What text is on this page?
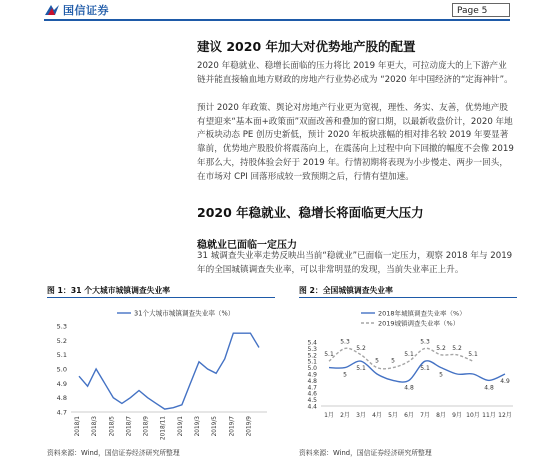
国信证券	Page 5
建议 2020 年加大对优势地产股的配置
2020 年稳就业、稳增长面临的压力将比 2019 年更大，可拉动庞大的上下游产业链并能直接输血地方财政的房地产行业势必成为 “2020 年中国经济的“定海神针”。
预计 2020 年政策、舆论对房地产行业更为宽视，理性、务实、友善，优势地产股有望迎来“基本面+政策面”双面改善和叠加的窗口期，以最新收盘价计，2020 年地产板块动态 PE 创历史新低，预计 2020 年板块涨幅的相对排名较 2019 年要显著靠前，优势地产股股价将震荡向上，在震荡向上过程中向下回撤的幅度不会像 2019 年那么大，持股体验会好于 2019 年。行情初期将表现为小步慢走、两步一回头，在市场对 CPI 回落形成较一致预期之后，行情有望加速。
2020 年稳就业、稳增长将面临更大压力
稳就业已面临一定压力
31 城调查失业率走势反映出当前“稳就业”已面临一定压力，观察 2018 年与 2019 年的全国城镇调查失业率，可以非常明显的发现，当前失业率正上升。
图 1：31 个大城市城镇调查失业率
4.7
4.8
4.9
5.0
5.1
5.2
5.3
2018/1 2018/3 2018/5 2018/7 2018/9 2018/11 2019/1 2019/3 2019/5 2019/7 2019/9
31个大城市城镇调查失业率（%）
资料来源：Wind，国信证券经济研究所整理
图 2：全国城镇调查失业率
4.4
4.5
4.6
4.7
4.8
4.9
5.0
5.1
5.2
5.3
5.4
1月 2月 3月 4月 5月 6月 7月 8月 9月 10月 11月 12月
5
5.1
4.8
5.1
5
4.8
4.9
2018年城镇调查失业率（%）
5.1
5.3
5.2
5 5
5.1
5.3
5.2 5.2
5.1
2019城镇调查失业率（%）
资料来源：Wind，国信证券经济研究所整理
